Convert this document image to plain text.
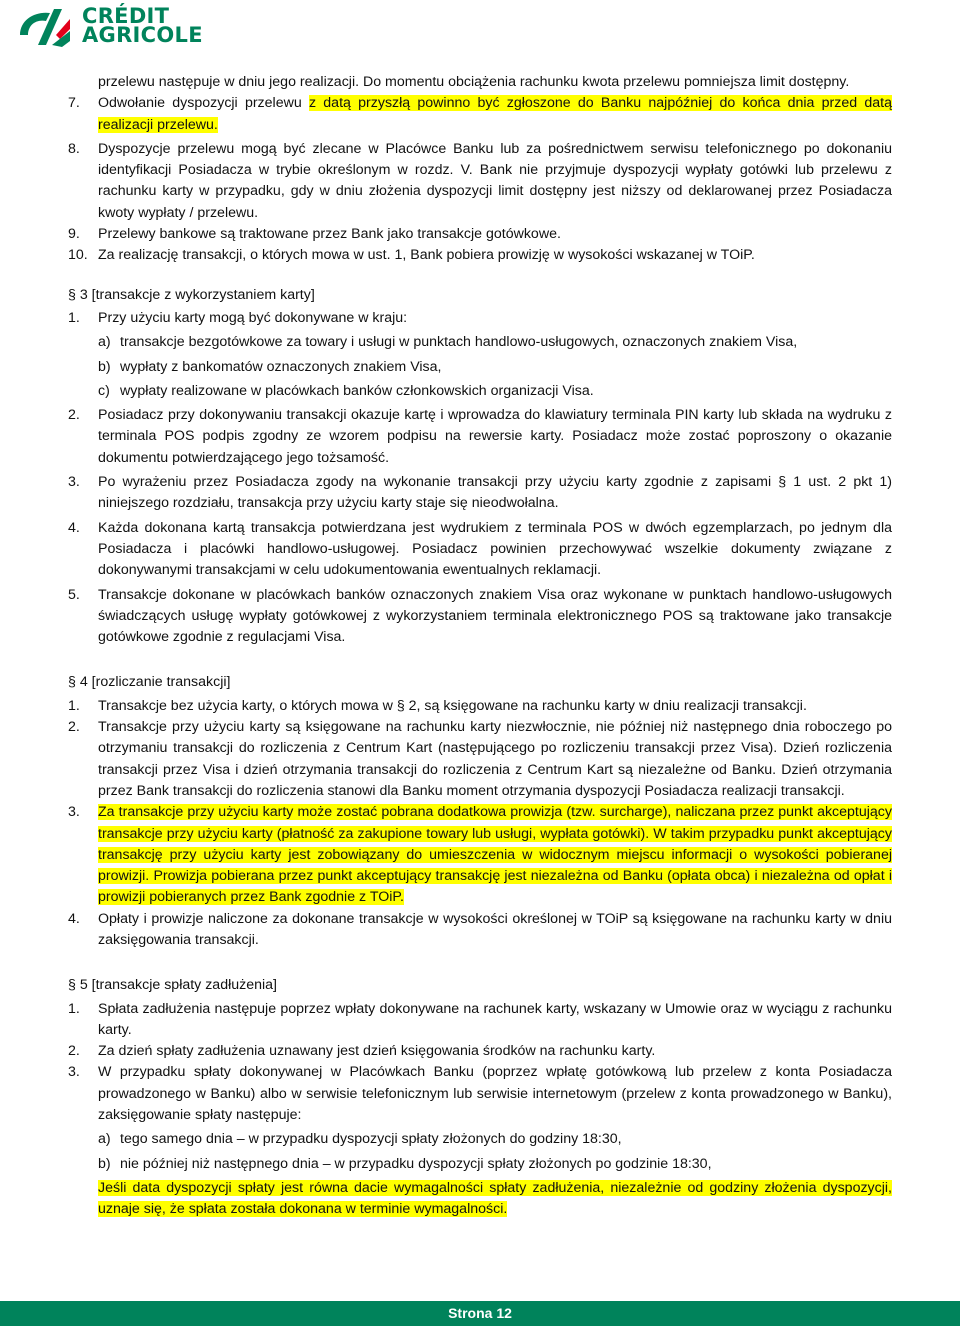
CRÉDIT
AGRICOLE
przelewu następuje w dniu jego realizacji. Do momentu obciążenia rachunku kwota przelewu pomniejsza limit dostępny.
7.	Odwołanie dyspozycji przelewu z datą przyszłą powinno być zgłoszone do Banku najpóźniej do końca dnia przed datą realizacji przelewu.
8.	Dyspozycje przelewu mogą być zlecane w Placówce Banku lub za pośrednictwem serwisu telefonicznego po dokonaniu identyfikacji Posiadacza w trybie określonym w rozdz. V. Bank nie przyjmuje dyspozycji wypłaty gotówki lub przelewu z rachunku karty w przypadku, gdy w dniu złożenia dyspozycji limit dostępny jest niższy od deklarowanej przez Posiadacza kwoty wypłaty / przelewu.
9.	Przelewy bankowe są traktowane przez Bank jako transakcje gotówkowe.
10. Za realizację transakcji, o których mowa w ust. 1, Bank pobiera prowizję w wysokości wskazanej w TOiP.
§ 3 [transakcje z wykorzystaniem karty]
1.	Przy użyciu karty mogą być dokonywane w kraju:
a) transakcje bezgotówkowe za towary i usługi w punktach handlowo-usługowych, oznaczonych znakiem Visa,
b) wypłaty z bankomatów oznaczonych znakiem Visa,
c) wypłaty realizowane w placówkach banków członkowskich organizacji Visa.
2.	Posiadacz przy dokonywaniu transakcji okazuje kartę i wprowadza do klawiatury terminala PIN karty lub składa na wydruku z terminala POS podpis zgodny ze wzorem podpisu na rewersie karty. Posiadacz może zostać poproszony o okazanie dokumentu potwierdzającego jego tożsamość.
3.	Po wyrażeniu przez Posiadacza zgody na wykonanie transakcji przy użyciu karty zgodnie z zapisami § 1 ust. 2 pkt 1) niniejszego rozdziału, transakcja przy użyciu karty staje się nieodwołalna.
4.	Każda dokonana kartą transakcja potwierdzana jest wydrukiem z terminala POS w dwóch egzemplarzach, po jednym dla Posiadacza i placówki handlowo-usługowej. Posiadacz powinien przechowywać wszelkie dokumenty związane z dokonywanymi transakcjami w celu udokumentowania ewentualnych reklamacji.
5.	Transakcje dokonane w placówkach banków oznaczonych znakiem Visa oraz wykonane w punktach handlowo-usługowych świadczących usługę wypłaty gotówkowej z wykorzystaniem terminala elektronicznego POS są traktowane jako transakcje gotówkowe zgodnie z regulacjami Visa.
§ 4 [rozliczanie transakcji]
1.	Transakcje bez użycia karty, o których mowa w § 2, są księgowane na rachunku karty w dniu realizacji transakcji.
2.	Transakcje przy użyciu karty są księgowane na rachunku karty niezwłocznie, nie później niż następnego dnia roboczego po otrzymaniu transakcji do rozliczenia z Centrum Kart (następującego po rozliczeniu transakcji przez Visa). Dzień rozliczenia transakcji przez Visa i dzień otrzymania transakcji do rozliczenia z Centrum Kart są niezależne od Banku. Dzień otrzymania przez Bank transakcji do rozliczenia stanowi dla Banku moment otrzymania dyspozycji Posiadacza realizacji transakcji.
3.	Za transakcje przy użyciu karty może zostać pobrana dodatkowa prowizja (tzw. surcharge), naliczana przez punkt akceptujący transakcje przy użyciu karty (płatność za zakupione towary lub usługi, wypłata gotówki). W takim przypadku punkt akceptujący transakcję przy użyciu karty jest zobowiązany do umieszczenia w widocznym miejscu informacji o wysokości pobieranej prowizji. Prowizja pobierana przez punkt akceptujący transakcję jest niezależna od Banku (opłata obca) i niezależna od opłat i prowizji pobieranych przez Bank zgodnie z TOiP.
4.	Opłaty i prowizje naliczone za dokonane transakcje w wysokości określonej w TOiP są księgowane na rachunku karty w dniu zaksięgowania transakcji.
§ 5 [transakcje spłaty zadłużenia]
1.	Spłata zadłużenia następuje poprzez wpłaty dokonywane na rachunek karty, wskazany w Umowie oraz w wyciągu z rachunku karty.
2.	Za dzień spłaty zadłużenia uznawany jest dzień księgowania środków na rachunku karty.
3.	W przypadku spłaty dokonywanej w Placówkach Banku (poprzez wpłatę gotówkową lub przelew z konta Posiadacza prowadzonego w Banku) albo w serwisie telefonicznym lub serwisie internetowym (przelew z konta prowadzonego w Banku), zaksięgowanie spłaty następuje:
a) tego samego dnia – w przypadku dyspozycji spłaty złożonych do godziny 18:30,
b) nie później niż następnego dnia – w przypadku dyspozycji spłaty złożonych po godzinie 18:30,
Jeśli data dyspozycji spłaty jest równa dacie wymagalności spłaty zadłużenia, niezależnie od godziny złożenia dyspozycji, uznaje się, że spłata została dokonana w terminie wymagalności.
Strona 12
